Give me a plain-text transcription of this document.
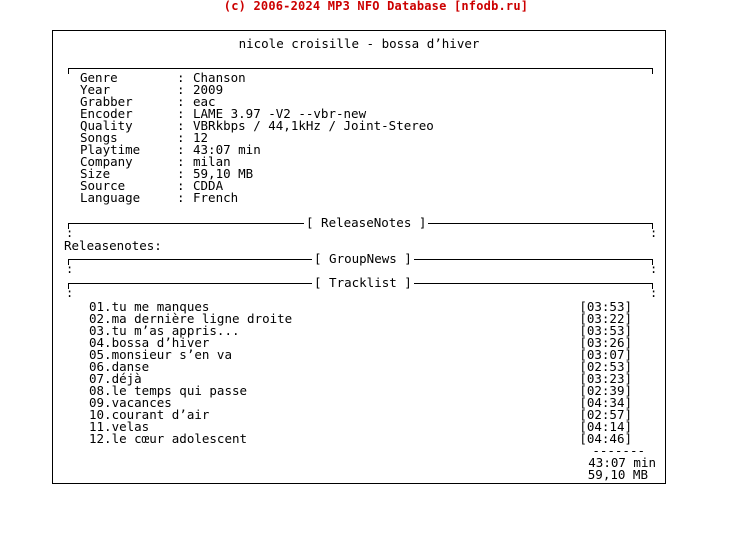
(c) 2006-2024 MP3 NFO Database [nfodb.ru]
nicole croisille - bossa d’hiver
Genre	: Chanson
Year	: 2009
Grabber	: eac
Encoder	: LAME 3.97 -V2 --vbr-new
Quality	: VBRkbps / 44,1kHz / Joint-Stereo
Songs	: 12
Playtime	: 43:07 min
Company	: milan
Size	: 59,10 MB
Source	: CDDA
Language	: French
[ ReleaseNotes ]
:	:
Releasenotes:
[ GroupNews ]
:	:
[ Tracklist ]
:	:
01.tu me manques	[03:53]
02.ma dernière ligne droite	[03:22]
03.tu m’as appris...	[03:53]
04.bossa d’hiver	[03:26]
05.monsieur s’en va	[03:07]
06.danse	[02:53]
07.déjà	[03:23]
08.le temps qui passe	[02:39]
09.vacances	[04:34]
10.courant d’air	[02:57]
11.velas	[04:14]
12.le cœur adolescent	[04:46]
-------
43:07 min
59,10 MB
